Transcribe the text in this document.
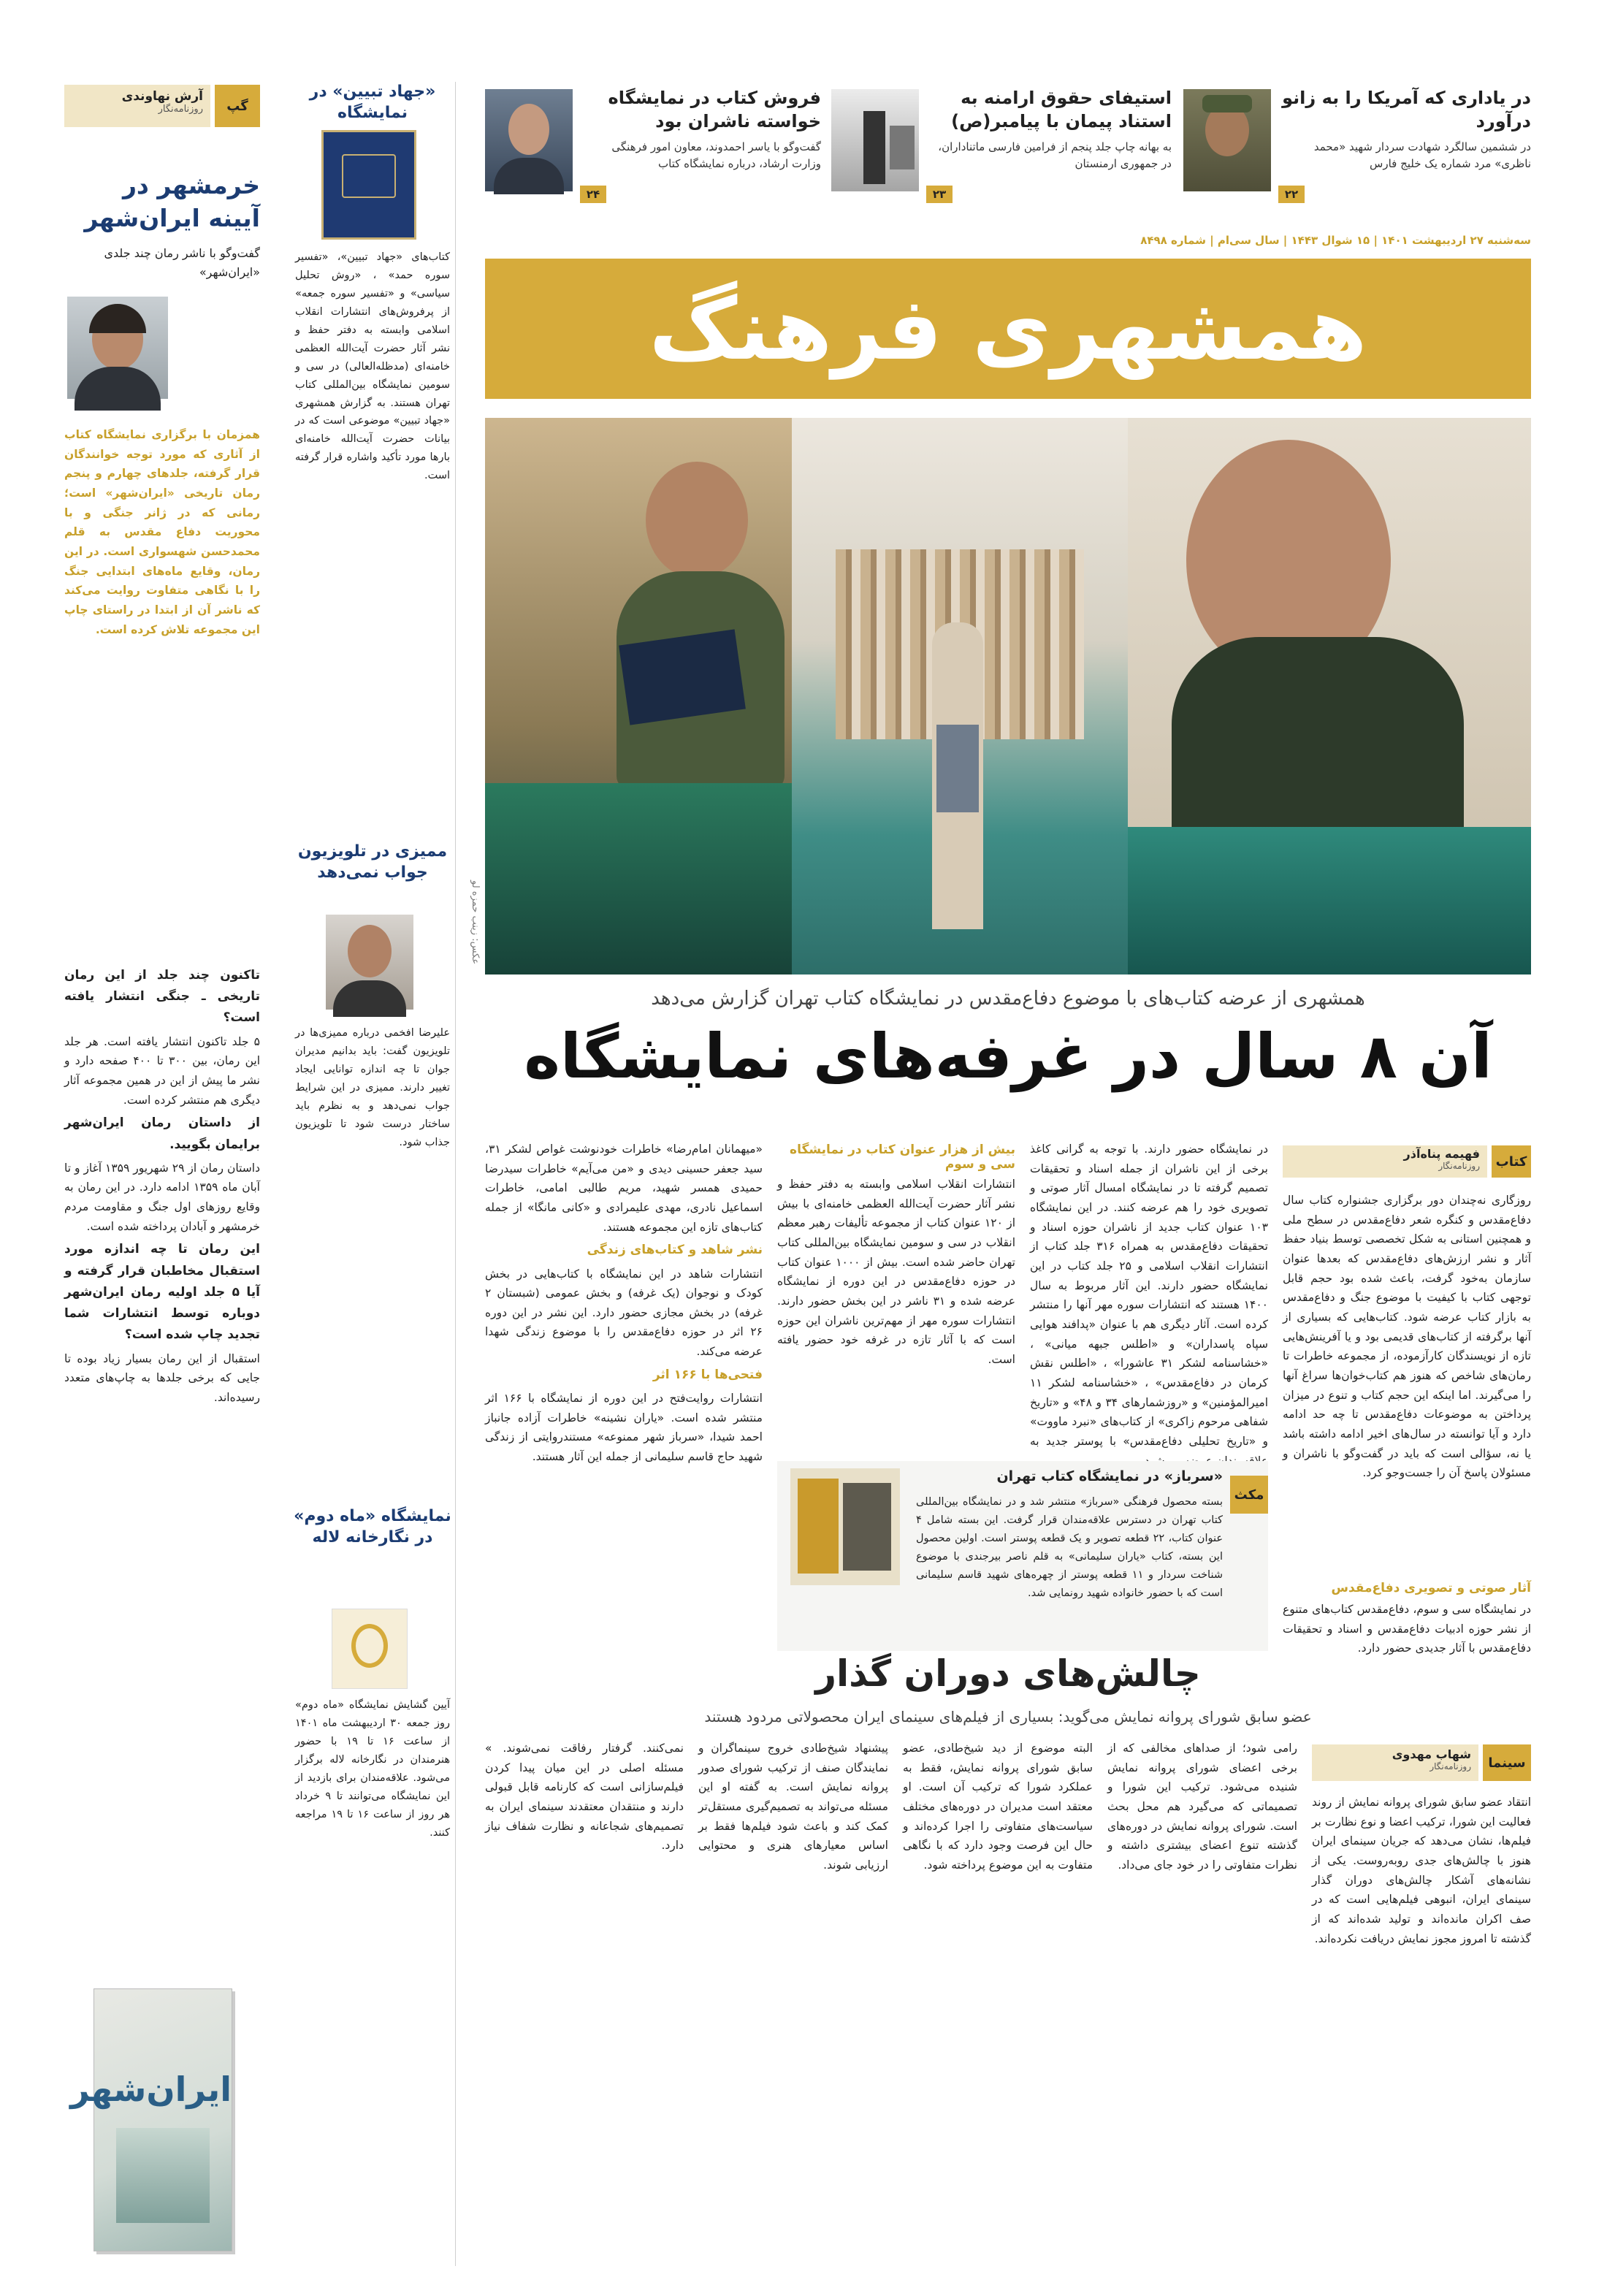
گپ
آرش نهاوندی
روزنامه‌نگار
خرمشهر در آیینه ایران‌شهر
گفت‌وگو با ناشر رمان چند جلدی «ایران‌شهر»
همزمان با برگزاری نمایشگاه کتاب از آثاری که مورد توجه خوانندگان قرار گرفته، جلدهای چهارم و پنجم رمان تاریخی «ایران‌شهر» است؛ رمانی که در ژانر جنگی و با محوریت دفاع مقدس به قلم محمدحسن شهسواری است. در این رمان، وقایع ماه‌های ابتدایی جنگ را با نگاهی متفاوت روایت می‌کند که ناشر آن از ابتدا در راستای چاپ این مجموعه تلاش کرده است.
تاکنون چند جلد از این رمان تاریخی ـ جنگی انتشار یافته است؟

۵ جلد تاکنون انتشار یافته است. هر جلد این رمان، بین ۳۰۰ تا ۴۰۰ صفحه دارد و نشر ما پیش از این در همین مجموعه آثار دیگری هم منتشر کرده است.

از داستان رمان ایران‌شهر برایمان بگویید.

داستان رمان از ۲۹ شهریور ۱۳۵۹ آغاز و تا آبان ماه ۱۳۵۹ ادامه دارد. در این رمان به وقایع روزهای اول جنگ و مقاومت مردم خرمشهر و آبادان پرداخته شده است.

این رمان تا چه اندازه مورد استقبال مخاطبان قرار گرفته و آیا ۵ جلد اولیه رمان ایران‌شهر دوباره توسط انتشارات شما تجدید چاپ شده است؟

استقبال از این رمان بسیار زیاد بوده تا جایی که برخی جلدها به چاپ‌های متعدد رسیده‌اند.

ایران‌شهر
«جهاد تبیین» در نمایشگاه
کتاب‌های «جهاد تبیین»، «تفسیر سوره حمد» ، «روش تحلیل سیاسی» و «تفسیر سوره جمعه» از پرفروش‌های انتشارات انقلاب اسلامی وابسته به دفتر حفظ و نشر آثار حضرت آیت‌الله العظمی خامنه‌ای (مدظله‌العالی) در سی و سومین نمایشگاه بین‌المللی کتاب تهران هستند. به گزارش همشهری «جهاد تبیین» موضوعی است که در بیانات حضرت آیت‌الله خامنه‌ای بارها مورد تأکید واشاره قرار گرفته است.
ممیزی در تلویزیون جواب نمی‌دهد
علیرضا افخمی درباره ممیزی‌ها در تلویزیون گفت: باید بدانیم مدیران جوان تا چه اندازه توانایی ایجاد تغییر دارند. ممیزی در این شرایط جواب نمی‌دهد و به نظرم باید ساختار درست شود تا تلویزیون جذاب شود.
نمایشگاه «ماه دوم» در نگارخانه لاله
آیین گشایش نمایشگاه «ماه دوم» روز جمعه ۳۰ اردیبهشت ماه ۱۴۰۱ از ساعت ۱۶ تا ۱۹ با حضور هنرمندان در نگارخانه لاله برگزار می‌شود. علاقه‌مندان برای بازدید از این نمایشگاه می‌توانند تا ۹ خرداد هر روز از ساعت ۱۶ تا ۱۹ مراجعه کنند.
در یاداری که آمریکا را به زانو درآورد
در ششمین سالگرد شهادت سردار شهید «محمد ناظری» مرد شماره یک خلیج فارس
۲۲
استیفای حقوق ارامنه به استناد پیمان با پیامبر(ص)
به بهانه چاپ جلد پنجم از فرامین فارسی ماتناداران، در جمهوری ارمنستان
۲۳
فروش کتاب در نمایشگاه خواسته ناشران بود
گفت‌وگو با یاسر احمدوند، معاون امور فرهنگی وزارت ارشاد، درباره نمایشگاه کتاب
۲۴
سه‌شنبه ۲۷ اردیبهشت ۱۴۰۱ | ۱۵ شوال ۱۴۴۳ | سال سی‌ام | شماره ۸۴۹۸
همشهری فرهنگ
عکس: زینب حمزه لو
همشهری از عرضه کتاب‌های با موضوع دفاع‌مقدس در نمایشگاه کتاب تهران گزارش می‌دهد
آن ۸ سال در غرفه‌های نمایشگاه
کتاب
فهیمه پناه‌آذر
روزنامه‌نگار
روزگاری نه‌چندان دور برگزاری جشنواره کتاب سال دفاع‌مقدس و کنگره شعر دفاع‌مقدس در سطح ملی و همچنین استانی به شکل تخصصی توسط بنیاد حفظ آثار و نشر ارزش‌های دفاع‌مقدس که بعدها عنوان سازمان به‌خود گرفت، باعث شده بود حجم قابل توجهی کتاب با کیفیت با موضوع جنگ و دفاع‌مقدس به بازار کتاب عرضه شود. کتاب‌هایی که بسیاری از آنها برگرفته از کتاب‌های قدیمی بود و یا آفرینش‌هایی تازه از نویسندگان کارآزموده، از مجموعه خاطرات تا رمان‌های شاخص که هنوز هم کتاب‌خوان‌ها سراغ آنها را می‌گیرند. اما اینکه این حجم کتاب و تنوع در میزان پرداختن به موضوعات دفاع‌مقدس تا چه حد ادامه دارد و آیا توانسته در سال‌های اخیر ادامه داشته باشد یا نه، سؤالی است که باید در گفت‌وگو با ناشران و مسئولان پاسخ آن را جست‌وجو کرد.
آثار صوتی و تصویری دفاع‌مقدس
در نمایشگاه سی و سوم، دفاع‌مقدس کتاب‌های متنوع از نشر حوزه ادبیات دفاع‌مقدس و اسناد و تحقیقات دفاع‌مقدس با آثار جدیدی حضور دارد.
در نمایشگاه حضور دارند. با توجه به گرانی کاغذ برخی از این ناشران از جمله اسناد و تحقیقات تصمیم گرفته تا در نمایشگاه امسال آثار صوتی و تصویری خود را هم عرضه کنند. در این نمایشگاه ۱۰۳ عنوان کتاب جدید از ناشران حوزه اسناد و تحقیقات دفاع‌مقدس به همراه ۳۱۶ جلد کتاب از انتشارات انقلاب اسلامی و ۲۵ جلد کتاب در این نمایشگاه حضور دارند. این آثار مربوط به سال ۱۴۰۰ هستند که انتشارات سوره مهر آنها را منتشر کرده است. آثار دیگری هم با عنوان «پدافند هوایی سپاه پاسداران» و «اطلس جبهه میانی» ، «خشاسنامه لشکر ۳۱ عاشورا» ، «اطلس نقش کرمان در دفاع‌مقدس» ، «خشاسنامه لشکر ۱۱ امیرالمؤمنین» و «روزشمارهای ۳۴ و ۴۸» و «تاریخ شفاهی مرحوم زاکری» از کتاب‌های «نبرد ماووت» و «تاریخ تحلیلی دفاع‌مقدس» با پوستر جدید به
بیش از هزار عنوان کتاب در نمایشگاه سی و سوم
انتشارات انقلاب اسلامی وابسته به دفتر حفظ و نشر آثار حضرت آیت‌الله العظمی خامنه‌ای با بیش از ۱۲۰ عنوان کتاب از مجموعه تألیفات رهبر معظم انقلاب در سی و سومین نمایشگاه بین‌المللی کتاب تهران حاضر شده است. بیش از ۱۰۰۰ عنوان کتاب در حوزه دفاع‌مقدس در این دوره از نمایشگاه عرضه شده و ۳۱ ناشر در این بخش حضور دارند. انتشارات سوره مهر از مهم‌ترین ناشران این حوزه است که با آثار تازه در غرفه خود حضور یافته است.

«میهمانان امام‌رضا» خاطرات خودنوشت غواص لشکر ۳۱، سید جعفر حسینی دیدی و «من می‌آیم» خاطرات سیدرضا حمیدی همسر شهید، مریم طالبی امامی، خاطرات اسماعیل نادری، مهدی علیمرادی و «کانی مانگا» از جمله کتاب‌های تازه این مجموعه هستند.

نشر شاهد و کتاب‌های زندگی

انتشارات شاهد در این نمایشگاه با کتاب‌هایی در بخش کودک و نوجوان (یک غرفه) و بخش عمومی (شبستان ۲ غرفه) در بخش مجازی حضور دارد. این نشر در این دوره ۲۶ اثر در حوزه دفاع‌مقدس را با موضوع زندگی شهدا عرضه می‌کند.

فتحی‌ها با ۱۶۶ اثر

انتشارات روایت‌فتح در این دوره از نمایشگاه با ۱۶۶ اثر منتشر شده است. «یاران نشینه» خاطرات آزاده جانباز احمد شیدا، «سرباز شهر ممنوعه» مستندروایتی از زندگی شهید حاج قاسم سلیمانی از جمله این آثار هستند.

مکث
«سرباز» در نمایشگاه کتاب تهران
بسته محصول فرهنگی «سرباز» منتشر شد و در نمایشگاه بین‌المللی کتاب تهران در دسترس علاقه‌مندان قرار گرفت. این بسته شامل ۴ عنوان کتاب، ۲۲ قطعه تصویر و یک قطعه پوستر است. اولین محصول این بسته، کتاب «یاران سلیمانی» به قلم ناصر بیرجندی با موضوع شناخت سردار و ۱۱ قطعه پوستر از چهره‌های شهید قاسم سلیمانی است که با حضور خانواده شهید رونمایی شد.
چالش‌های دوران گذار
عضو سابق شورای پروانه نمایش می‌گوید: بسیاری از فیلم‌های سینمای ایران محصولاتی مردود هستند
سینما
شهاب مهدوی
روزنامه‌نگار
انتقاد عضو سابق شورای پروانه نمایش از روند فعالیت این شورا، ترکیب اعضا و نوع نظارت بر فیلم‌ها، نشان می‌دهد که جریان سینمای ایران هنوز با چالش‌های جدی روبه‌روست. یکی از نشانه‌های آشکار چالش‌های دوران گذار سینمای ایران، انبوهی فیلم‌هایی است که در صف اکران مانده‌اند و تولید شده‌اند که از گذشته تا امروز مجوز نمایش دریافت نکرده‌اند.
رامی شود؛ از صداهای مخالفی که از برخی اعضای شورای پروانه نمایش شنیده می‌شود. ترکیب این شورا و تصمیماتی که می‌گیرد هم محل بحث است. شورای پروانه نمایش در دوره‌های گذشته تنوع اعضای بیشتری داشته و نظرات متفاوتی را در خود جای می‌داد.
البته موضوع از دید شیخ‌طادی، عضو سابق شورای پروانه نمایش، فقط به عملکرد شورا که ترکیب آن است. او معتقد است مدیران در دوره‌های مختلف سیاست‌های متفاوتی را اجرا کرده‌اند و حال این فرصت وجود دارد که با نگاهی متفاوت به این موضوع پرداخته شود.
پیشنهاد شیخ‌طادی خروج سینماگران و نمایندگان صنف از ترکیب شورای صدور پروانه نمایش است. به گفته او این مسئله می‌تواند به تصمیم‌گیری مستقل‌تر کمک کند و باعث شود فیلم‌ها فقط بر اساس معیارهای هنری و محتوایی ارزیابی شوند.
نمی‌کنند. گرفتار رفاقت نمی‌شوند. » مسئله اصلی در این میان پیدا کردن فیلم‌سازانی است که کارنامه قابل قبولی دارند و منتقدان معتقدند سینمای ایران به تصمیم‌های شجاعانه و نظارت شفاف نیاز دارد.
